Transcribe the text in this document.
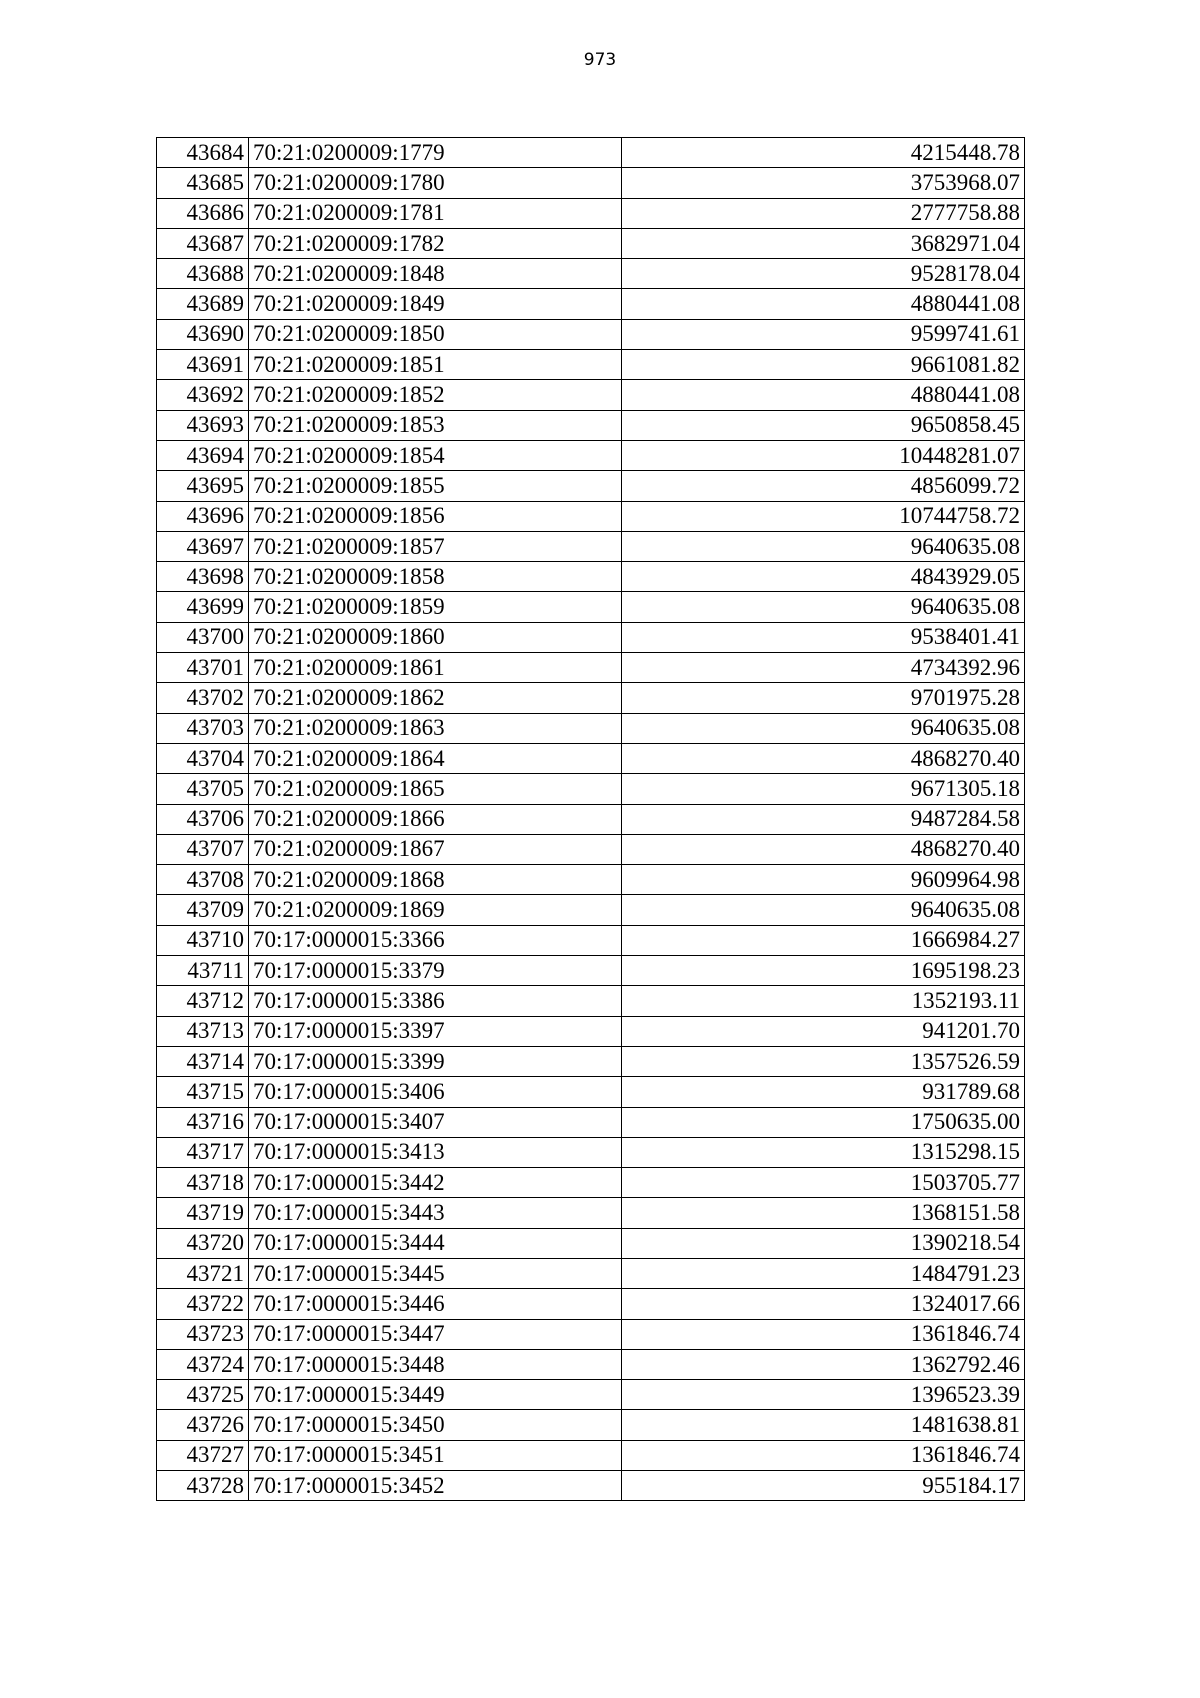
973
43684	70:21:0200009:1779	4215448.78
43685	70:21:0200009:1780	3753968.07
43686	70:21:0200009:1781	2777758.88
43687	70:21:0200009:1782	3682971.04
43688	70:21:0200009:1848	9528178.04
43689	70:21:0200009:1849	4880441.08
43690	70:21:0200009:1850	9599741.61
43691	70:21:0200009:1851	9661081.82
43692	70:21:0200009:1852	4880441.08
43693	70:21:0200009:1853	9650858.45
43694	70:21:0200009:1854	10448281.07
43695	70:21:0200009:1855	4856099.72
43696	70:21:0200009:1856	10744758.72
43697	70:21:0200009:1857	9640635.08
43698	70:21:0200009:1858	4843929.05
43699	70:21:0200009:1859	9640635.08
43700	70:21:0200009:1860	9538401.41
43701	70:21:0200009:1861	4734392.96
43702	70:21:0200009:1862	9701975.28
43703	70:21:0200009:1863	9640635.08
43704	70:21:0200009:1864	4868270.40
43705	70:21:0200009:1865	9671305.18
43706	70:21:0200009:1866	9487284.58
43707	70:21:0200009:1867	4868270.40
43708	70:21:0200009:1868	9609964.98
43709	70:21:0200009:1869	9640635.08
43710	70:17:0000015:3366	1666984.27
43711	70:17:0000015:3379	1695198.23
43712	70:17:0000015:3386	1352193.11
43713	70:17:0000015:3397	941201.70
43714	70:17:0000015:3399	1357526.59
43715	70:17:0000015:3406	931789.68
43716	70:17:0000015:3407	1750635.00
43717	70:17:0000015:3413	1315298.15
43718	70:17:0000015:3442	1503705.77
43719	70:17:0000015:3443	1368151.58
43720	70:17:0000015:3444	1390218.54
43721	70:17:0000015:3445	1484791.23
43722	70:17:0000015:3446	1324017.66
43723	70:17:0000015:3447	1361846.74
43724	70:17:0000015:3448	1362792.46
43725	70:17:0000015:3449	1396523.39
43726	70:17:0000015:3450	1481638.81
43727	70:17:0000015:3451	1361846.74
43728	70:17:0000015:3452	955184.17
